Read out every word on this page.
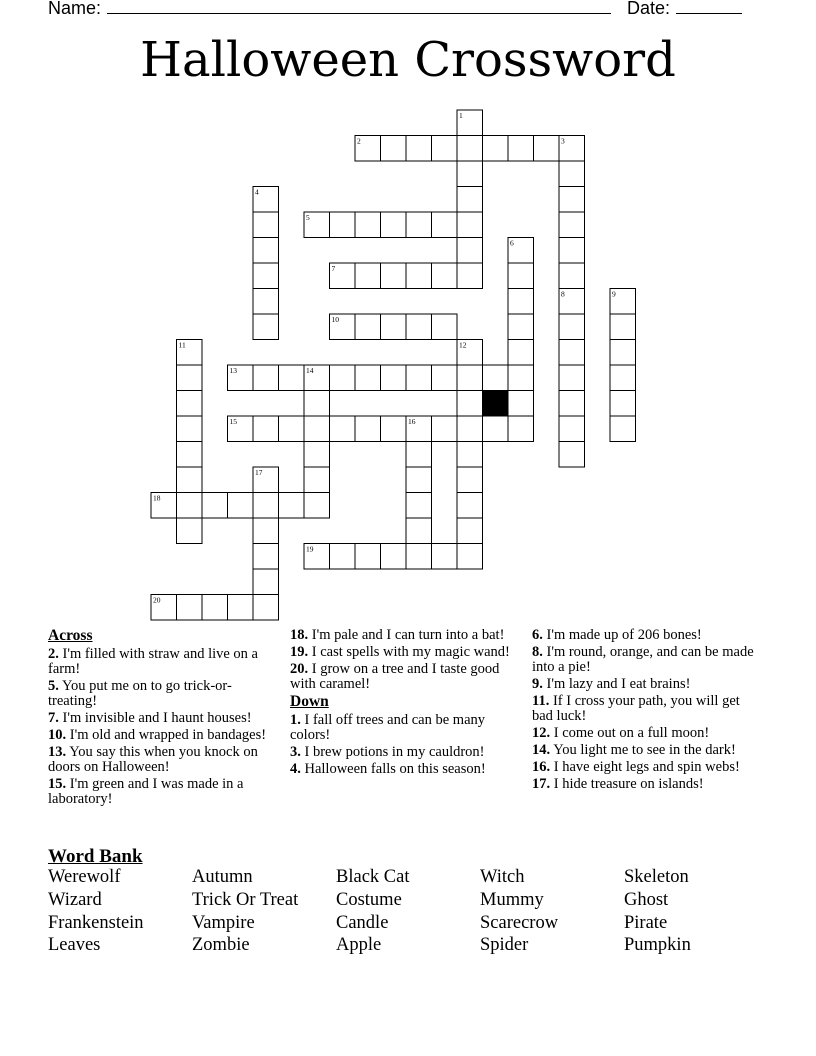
Name:	Date:
Halloween Crossword
1
2	3
4
5
6
7
8	9
10
11	12
13	14
15	16
17
18
19
20
Across
2. I'm filled with straw and live on a farm!
5. You put me on to go trick-or-treating!
7. I'm invisible and I haunt houses!
10. I'm old and wrapped in bandages!
13. You say this when you knock on doors on Halloween!
15. I'm green and I was made in a laboratory!
18. I'm pale and I can turn into a bat!
19. I cast spells with my magic wand!
20. I grow on a tree and I taste good with caramel!
Down
1. I fall off trees and can be many colors!
3. I brew potions in my cauldron!
4. Halloween falls on this season!
6. I'm made up of 206 bones!
8. I'm round, orange, and can be made into a pie!
9. I'm lazy and I eat brains!
11. If I cross your path, you will get bad luck!
12. I come out on a full moon!
14. You light me to see in the dark!
16. I have eight legs and spin webs!
17. I hide treasure on islands!
Word Bank
Werewolf	Autumn	Black Cat	Witch	Skeleton
Wizard	Trick Or Treat	Costume	Mummy	Ghost
Frankenstein	Vampire	Candle	Scarecrow	Pirate
Leaves	Zombie	Apple	Spider	Pumpkin
